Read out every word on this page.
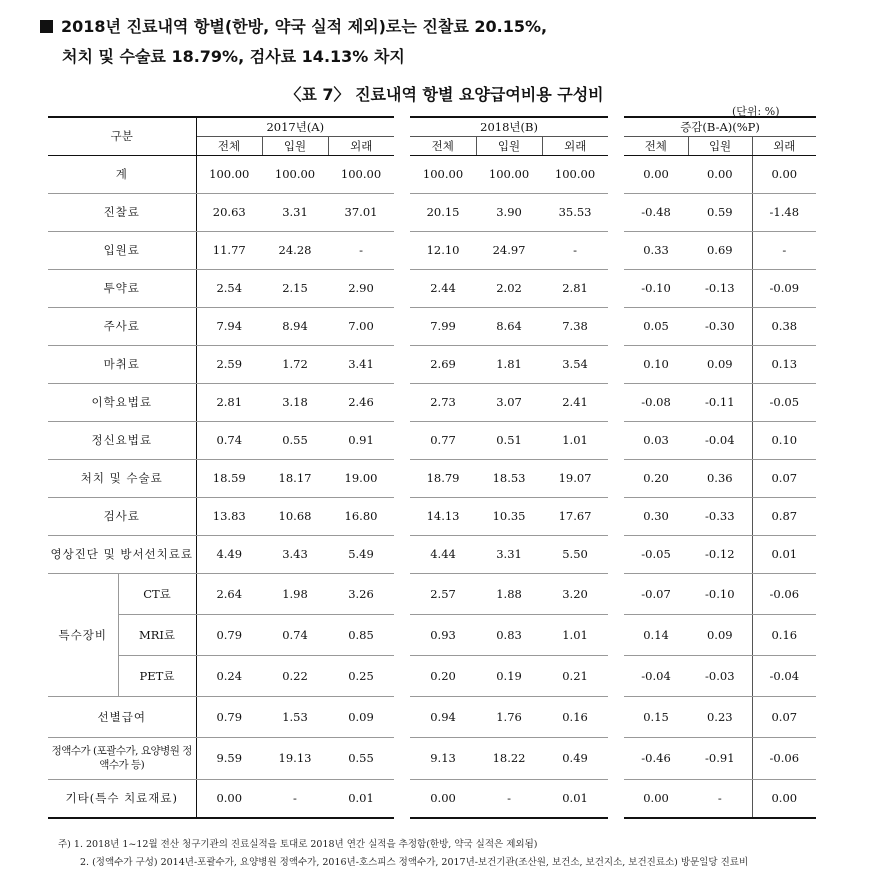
2018년 진료내역 항별(한방, 약국 실적 제외)로는 진찰료 20.15%,
처치 및 수술료 18.79%, 검사료 14.13% 차지
〈표 7〉 진료내역 항별 요양급여비용 구성비
(단위: %)
구분		2017년(A)				2018년(B)				증감(B-A)(%P)		
		전체	입원	외래		전체	입원	외래		전체	입원	외래
계		100.00	100.00	100.00		100.00	100.00	100.00		0.00	0.00	0.00
진찰료		20.63	3.31	37.01		20.15	3.90	35.53		-0.48	0.59	-1.48
입원료		11.77	24.28	-		12.10	24.97	-		0.33	0.69	-
투약료		2.54	2.15	2.90		2.44	2.02	2.81		-0.10	-0.13	-0.09
주사료		7.94	8.94	7.00		7.99	8.64	7.38		0.05	-0.30	0.38
마취료		2.59	1.72	3.41		2.69	1.81	3.54		0.10	0.09	0.13
이학요법료		2.81	3.18	2.46		2.73	3.07	2.41		-0.08	-0.11	-0.05
정신요법료		0.74	0.55	0.91		0.77	0.51	1.01		0.03	-0.04	0.10
처치 및 수술료		18.59	18.17	19.00		18.79	18.53	19.07		0.20	0.36	0.07
검사료		13.83	10.68	16.80		14.13	10.35	17.67		0.30	-0.33	0.87
영상진단 및 방서선치료료		4.49	3.43	5.49		4.44	3.31	5.50		-0.05	-0.12	0.01
특수장비	CT료	2.64	1.98	3.26		2.57	1.88	3.20		-0.07	-0.10	-0.06
	MRI료	0.79	0.74	0.85		0.93	0.83	1.01		0.14	0.09	0.16
	PET료	0.24	0.22	0.25		0.20	0.19	0.21		-0.04	-0.03	-0.04
선별급여		0.79	1.53	0.09		0.94	1.76	0.16		0.15	0.23	0.07
정액수가 (포괄수가, 요양병원 정액수가 등)		9.59	19.13	0.55		9.13	18.22	0.49		-0.46	-0.91	-0.06
기타(특수 치료재료)		0.00	-	0.01		0.00	-	0.01		0.00	-	0.00
주) 1. 2018년 1~12월 전산 청구기관의 진료실적을 토대로 2018년 연간 실적을 추정함(한방, 약국 실적은 제외됨)
2. (정액수가 구성) 2014년-포괄수가, 요양병원 정액수가, 2016년-호스피스 정액수가, 2017년-보건기관(조산원, 보건소, 보건지소, 보건진료소) 방문일당 진료비
